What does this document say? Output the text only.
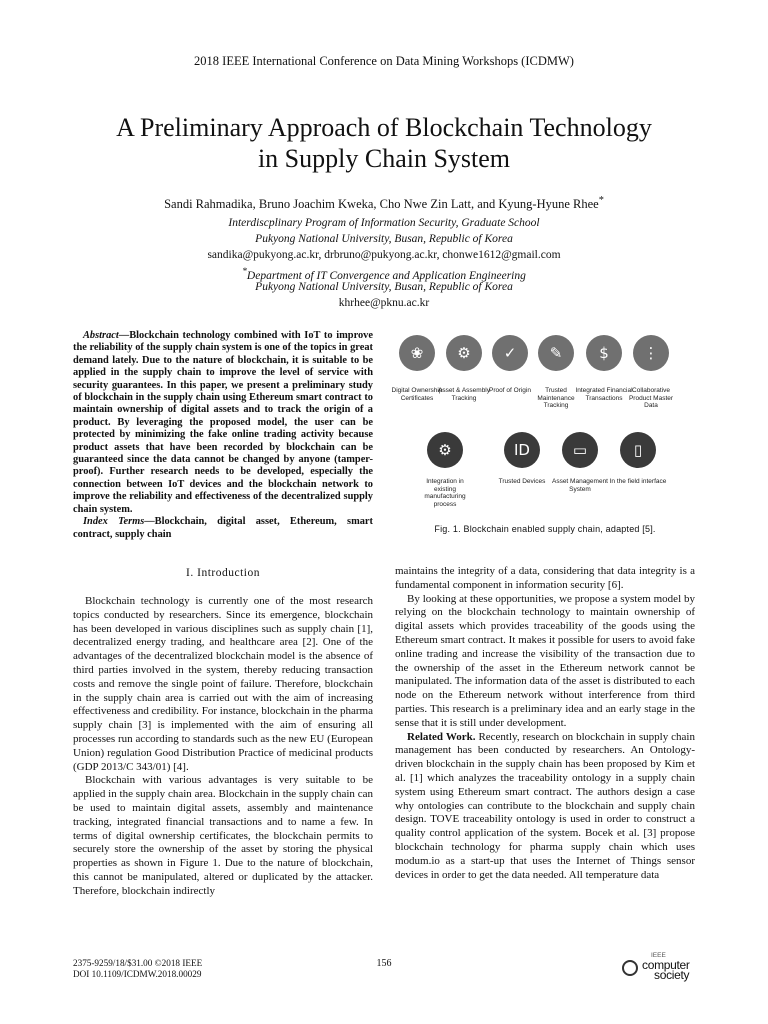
2018 IEEE International Conference on Data Mining Workshops (ICDMW)
A Preliminary Approach of Blockchain Technology
in Supply Chain System
Sandi Rahmadika, Bruno Joachim Kweka, Cho Nwe Zin Latt, and Kyung-Hyune Rhee*
Interdiscplinary Program of Information Security, Graduate School
Pukyong National University, Busan, Republic of Korea
sandika@pukyong.ac.kr, drbruno@pukyong.ac.kr, chonwe1612@gmail.com
*Department of IT Convergence and Application Engineering
Pukyong National University, Busan, Republic of Korea
khrhee@pknu.ac.kr

Abstract—Blockchain technology combined with IoT to improve the reliability of the supply chain system is one of the topics in great demand lately. Due to the nature of blockchain, it is suitable to be applied in the supply chain to improve the level of service with security guarantees. In this paper, we present a preliminary study of blockchain in the supply chain using Ethereum smart contract to maintain ownership of digital assets and to track the origin of a product. By leveraging the proposed model, the user can be protected by minimizing the fake online trading activity because product assets that have been recorded by blockchain can be guaranteed since the data cannot be changed by anyone (tamper-proof). Further research needs to be developed, especially the connection between IoT devices and the blockchain network to improve the reliability and effectiveness of the decentralized supply chain system.

Index Terms—Blockchain, digital asset, Ethereum, smart contract, supply chain

❀
Digital Ownership Certificates
⚙
Asset & Assembly Tracking
✓
Proof of Origin
✎
Trusted Maintenance Tracking
$
Integrated Financial Transactions
⋮
Collaborative Product Master Data
⚙
Integration in existing manufacturing process
ID
Trusted Devices
▭
Asset Management System
▯
In the field interface
Fig. 1. Blockchain enabled supply chain, adapted [5].
I. Introduction

Blockchain technology is currently one of the most research topics conducted by researchers. Since its emergence, blockchain has been developed in various disciplines such as supply chain [1], decentralized energy trading, and healthcare area [2]. One of the advantages of the decentralized blockchain model is the absence of third parties involved in the system, thereby reducing transaction costs and remove the single point of failure. Therefore, blockchain in the supply chain area is carried out with the aim of increasing effectiveness and credibility. For instance, blockchain in the pharma supply chain [3] is implemented with the aim of ensuring all processes run according to standards such as the new EU (European Union) regulation Good Distribution Practice of medicinal products (GDP 2013/C 343/01) [4].

Blockchain with various advantages is very suitable to be applied in the supply chain area. Blockchain in the supply chain can be used to maintain digital assets, assembly and maintenance tracking, integrated financial transactions and to name a few. In terms of digital ownership certificates, the blockchain permits to securely store the ownership of the asset by storing the physical properties as shown in Figure 1. Due to the nature of blockchain, this cannot be manipulated, altered or duplicated by the attacker. Therefore, blockchain indirectly

maintains the integrity of a data, considering that data integrity is a fundamental component in information security [6].

By looking at these opportunities, we propose a system model by relying on the blockchain technology to maintain ownership of digital assets which provides traceability of the goods using the Ethereum smart contract. It makes it possible for users to avoid fake online trading and increase the visibility of the transaction due to the ownership of the asset in the Ethereum network cannot be manipulated. The information data of the asset is distributed to each node on the Ethereum network without interference from third parties. This research is a preliminary idea and an early stage in the sense that it is still under development.

Related Work. Recently, research on blockchain in supply chain management has been conducted by researchers. An Ontology-driven blockchain in the supply chain has been proposed by Kim et al. [1] which analyzes the traceability ontology in a supply chain system using Ethereum smart contract. The authors design a case why ontologies can contribute to the blockchain and supply chain design. TOVE traceability ontology is used in order to construct a quality control application of the system. Bocek et al. [3] propose blockchain technology for pharma supply chain which uses modum.io as a start-up that uses the Internet of Things sensor devices in order to get the data needed. All temperature data

2375-9259/18/$31.00 ©2018 IEEE
DOI 10.1109/ICDMW.2018.00029
156
IEEE
computer
society
